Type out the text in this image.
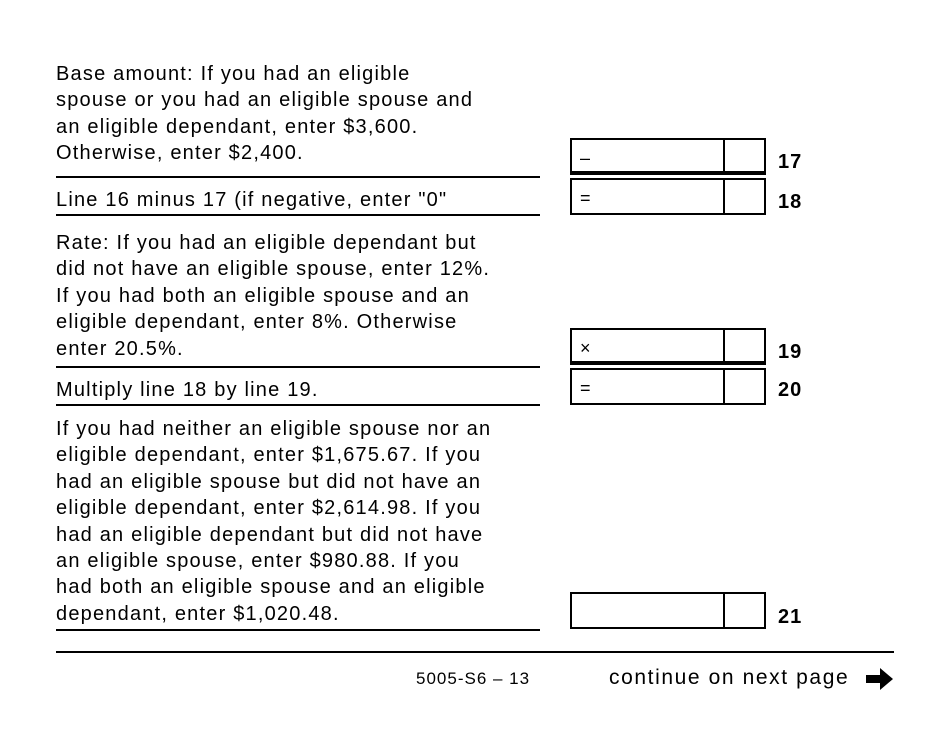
Base amount: If you had an eligible
spouse or you had an eligible spouse and
an eligible dependant, enter $3,600.
Otherwise, enter $2,400.	–	17
Line 16 minus 17 (if negative, enter "0"	=	18
Rate: If you had an eligible dependant but
did not have an eligible spouse, enter 12%.
If you had both an eligible spouse and an
eligible dependant, enter 8%. Otherwise
enter 20.5%.	×	19
Multiply line 18 by line 19.	=	20
If you had neither an eligible spouse nor an
eligible dependant, enter $1,675.67. If you
had an eligible spouse but did not have an
eligible dependant, enter $2,614.98. If you
had an eligible dependant but did not have
an eligible spouse, enter $980.88. If you
had both an eligible spouse and an eligible
dependant, enter $1,020.48.	21
5005-S6 – 13	continue on next page
